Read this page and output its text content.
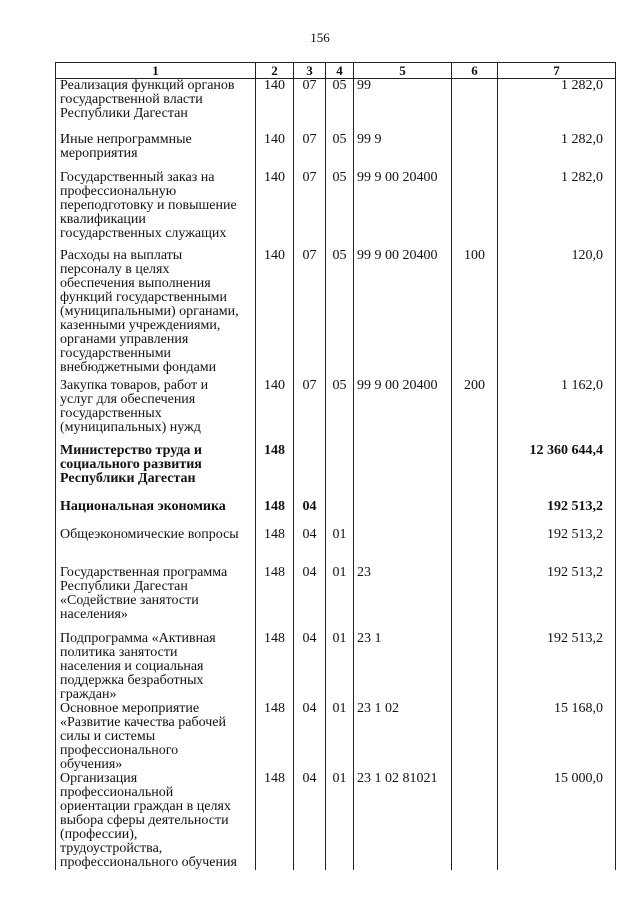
156
1	2	3	4	5	6	7

Реализация функций органов государственной власти Республики Дагестан	140	07	05	99		1 282,0

Иные непрограммные мероприятия	140	07	05	99 9		1 282,0

Государственный заказ на профессиональную переподготовку и повышение квалификации государственных служащих	140	07	05	99 9 00 20400		1 282,0

Расходы на выплаты персоналу в целях обеспечения выполнения функций государственными (муниципальными) органами, казенными учреждениями, органами управления государственными внебюджетными фондами	140	07	05	99 9 00 20400	100	120,0

Закупка товаров, работ и услуг для обеспечения государственных (муниципальных) нужд	140	07	05	99 9 00 20400	200	1 162,0

Министерство труда и социального развития Республики Дагестан	148					12 360 644,4

Национальная экономика	148	04				192 513,2

Общеэкономические вопросы	148	04	01			192 513,2

Государственная программа Республики Дагестан «Содействие занятости населения»	148	04	01	23		192 513,2

Подпрограмма «Активная политика занятости населения и социальная поддержка безработных граждан»	148	04	01	23 1		192 513,2

Основное мероприятие «Развитие качества рабочей силы и системы профессионального обучения»	148	04	01	23 1 02		15 168,0

Организация профессиональной ориентации граждан в целях выбора сферы деятельности (профессии), трудоустройства, профессионального обучения	148	04	01	23 1 02 81021		15 000,0
